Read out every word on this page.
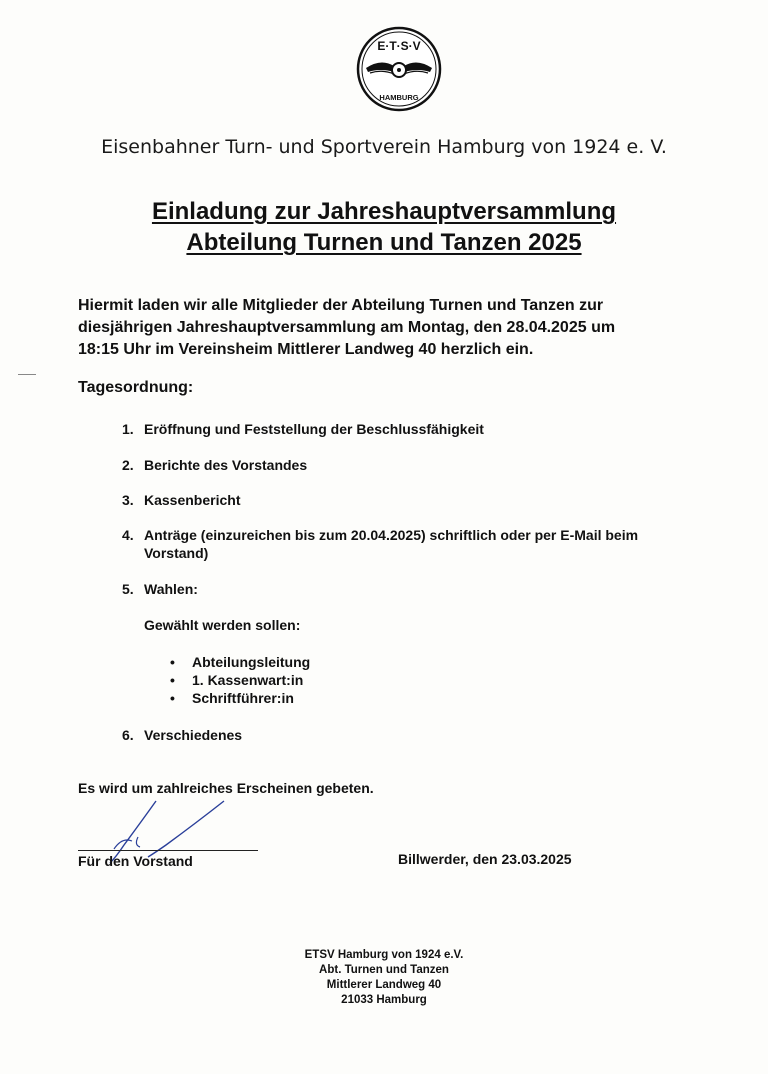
E·T·S·V
HAMBURG
Eisenbahner Turn- und Sportverein Hamburg von 1924 e. V.
Einladung zur Jahreshauptversammlung
Abteilung Turnen und Tanzen 2025
Hiermit laden wir alle Mitglieder der Abteilung Turnen und Tanzen zur
diesjährigen Jahreshauptversammlung am Montag, den 28.04.2025 um
18:15 Uhr im Vereinsheim Mittlerer Landweg 40 herzlich ein.
Tagesordnung:
1. Eröffnung und Feststellung der Beschlussfähigkeit
2. Berichte des Vorstandes
3. Kassenbericht
4. Anträge (einzureichen bis zum 20.04.2025) schriftlich oder per E-Mail beim
Vorstand)
5. Wahlen:
Gewählt werden sollen:
• Abteilungsleitung
• 1. Kassenwart:in
• Schriftführer:in
6. Verschiedenes
Es wird um zahlreiches Erscheinen gebeten.
Für den Vorstand	Billwerder, den 23.03.2025
ETSV Hamburg von 1924 e.V.
Abt. Turnen und Tanzen
Mittlerer Landweg 40
21033 Hamburg
